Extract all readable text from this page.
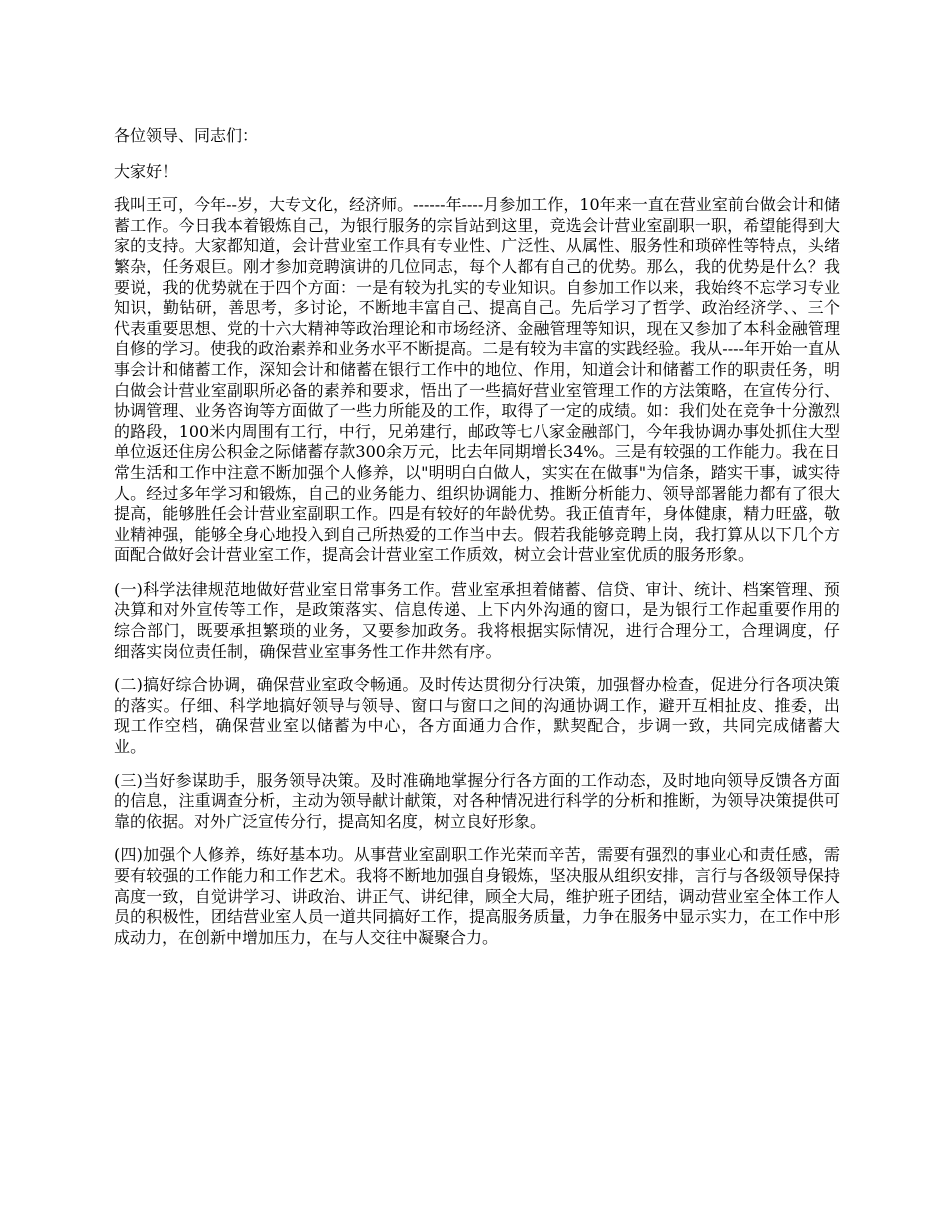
各位领导、同志们：

大家好！

我叫王可，今年--岁，大专文化，经济师。------年----月参加工作，10年来一直在营业室前台做会计和储蓄工作。今日我本着锻炼自己，为银行服务的宗旨站到这里，竞选会计营业室副职一职，希望能得到大家的支持。大家都知道，会计营业室工作具有专业性、广泛性、从属性、服务性和琐碎性等特点，头绪繁杂，任务艰巨。刚才参加竞聘演讲的几位同志，每个人都有自己的优势。那么，我的优势是什么？我要说，我的优势就在于四个方面：一是有较为扎实的专业知识。自参加工作以来，我始终不忘学习专业知识，勤钻研，善思考，多讨论，不断地丰富自己、提高自己。先后学习了哲学、政治经济学、、三个代表重要思想、党的十六大精神等政治理论和市场经济、金融管理等知识，现在又参加了本科金融管理自修的学习。使我的政治素养和业务水平不断提高。二是有较为丰富的实践经验。我从----年开始一直从事会计和储蓄工作，深知会计和储蓄在银行工作中的地位、作用，知道会计和储蓄工作的职责任务，明白做会计营业室副职所必备的素养和要求，悟出了一些搞好营业室管理工作的方法策略，在宣传分行、协调管理、业务咨询等方面做了一些力所能及的工作，取得了一定的成绩。如：我们处在竞争十分激烈的路段，100米内周围有工行，中行，兄弟建行，邮政等七八家金融部门，今年我协调办事处抓住大型单位返还住房公积金之际储蓄存款300余万元，比去年同期增长34%。三是有较强的工作能力。我在日常生活和工作中注意不断加强个人修养，以"明明白白做人，实实在在做事"为信条，踏实干事，诚实待人。经过多年学习和锻炼，自己的业务能力、组织协调能力、推断分析能力、领导部署能力都有了很大提高，能够胜任会计营业室副职工作。四是有较好的年龄优势。我正值青年，身体健康，精力旺盛，敬业精神强，能够全身心地投入到自己所热爱的工作当中去。假若我能够竞聘上岗，我打算从以下几个方面配合做好会计营业室工作，提高会计营业室工作质效，树立会计营业室优质的服务形象。

(一)科学法律规范地做好营业室日常事务工作。营业室承担着储蓄、信贷、审计、统计、档案管理、预决算和对外宣传等工作，是政策落实、信息传递、上下内外沟通的窗口，是为银行工作起重要作用的综合部门，既要承担繁琐的业务，又要参加政务。我将根据实际情况，进行合理分工，合理调度，仔细落实岗位责任制，确保营业室事务性工作井然有序。

(二)搞好综合协调，确保营业室政令畅通。及时传达贯彻分行决策，加强督办检查，促进分行各项决策的落实。仔细、科学地搞好领导与领导、窗口与窗口之间的沟通协调工作，避开互相扯皮、推委，出现工作空档，确保营业室以储蓄为中心，各方面通力合作，默契配合，步调一致，共同完成储蓄大业。

(三)当好参谋助手，服务领导决策。及时准确地掌握分行各方面的工作动态，及时地向领导反馈各方面的信息，注重调查分析，主动为领导献计献策，对各种情况进行科学的分析和推断，为领导决策提供可靠的依据。对外广泛宣传分行，提高知名度，树立良好形象。

(四)加强个人修养，练好基本功。从事营业室副职工作光荣而辛苦，需要有强烈的事业心和责任感，需要有较强的工作能力和工作艺术。我将不断地加强自身锻炼，坚决服从组织安排，言行与各级领导保持高度一致，自觉讲学习、讲政治、讲正气、讲纪律，顾全大局，维护班子团结，调动营业室全体工作人员的积极性，团结营业室人员一道共同搞好工作，提高服务质量，力争在服务中显示实力，在工作中形成动力，在创新中增加压力，在与人交往中凝聚合力。
